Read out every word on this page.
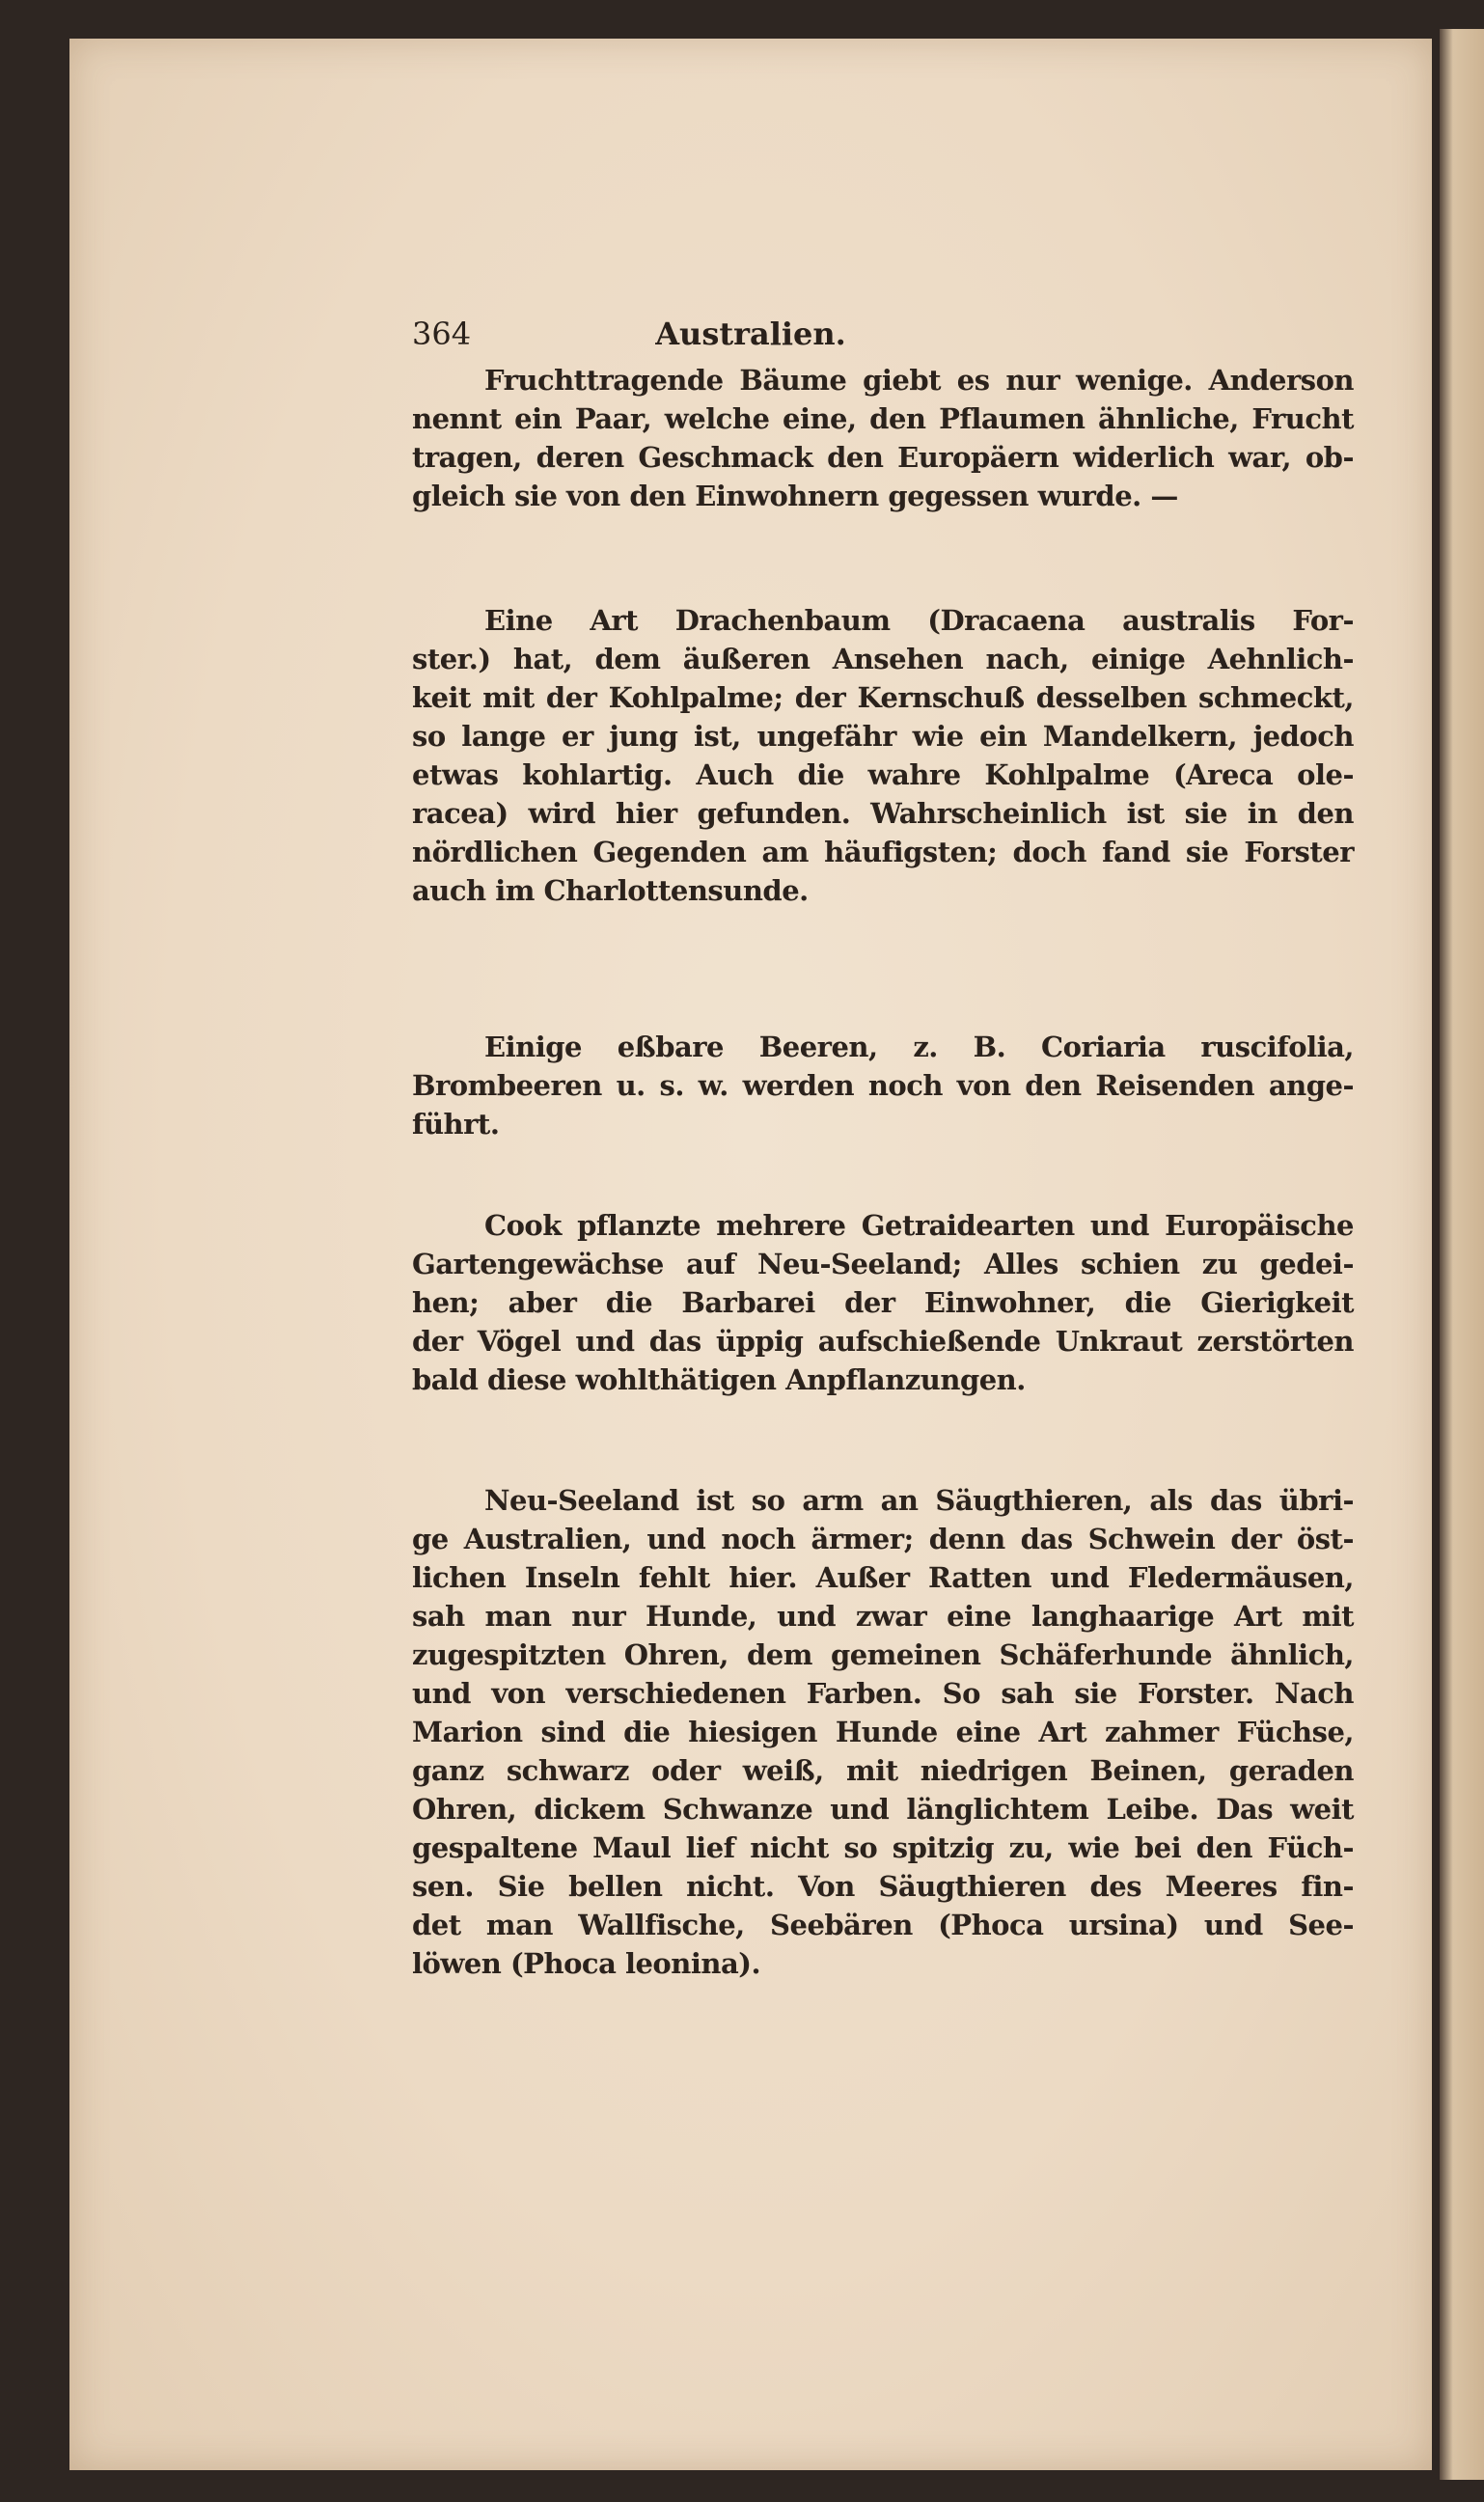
364	Australien.
Fruchttragende Bäume giebt es nur wenige. Anderson
nennt ein Paar, welche eine, den Pflaumen ähnliche, Frucht
tragen, deren Geschmack den Europäern widerlich war, ob-
gleich sie von den Einwohnern gegessen wurde. —
Eine Art Drachenbaum (Dracaena australis For-
ster.) hat, dem äußeren Ansehen nach, einige Aehnlich-
keit mit der Kohlpalme; der Kernschuß desselben schmeckt,
so lange er jung ist, ungefähr wie ein Mandelkern, jedoch
etwas kohlartig. Auch die wahre Kohlpalme (Areca ole-
racea) wird hier gefunden. Wahrscheinlich ist sie in den
nördlichen Gegenden am häufigsten; doch fand sie Forster
auch im Charlottensunde.
Einige eßbare Beeren, z. B. Coriaria ruscifolia,
Brombeeren u. s. w. werden noch von den Reisenden ange-
führt.
Cook pflanzte mehrere Getraidearten und Europäische
Gartengewächse auf Neu-Seeland; Alles schien zu gedei-
hen; aber die Barbarei der Einwohner, die Gierigkeit
der Vögel und das üppig aufschießende Unkraut zerstörten
bald diese wohlthätigen Anpflanzungen.
Neu-Seeland ist so arm an Säugthieren, als das übri-
ge Australien, und noch ärmer; denn das Schwein der öst-
lichen Inseln fehlt hier. Außer Ratten und Fledermäusen,
sah man nur Hunde, und zwar eine langhaarige Art mit
zugespitzten Ohren, dem gemeinen Schäferhunde ähnlich,
und von verschiedenen Farben. So sah sie Forster. Nach
Marion sind die hiesigen Hunde eine Art zahmer Füchse,
ganz schwarz oder weiß, mit niedrigen Beinen, geraden
Ohren, dickem Schwanze und länglichtem Leibe. Das weit
gespaltene Maul lief nicht so spitzig zu, wie bei den Füch-
sen. Sie bellen nicht. Von Säugthieren des Meeres fin-
det man Wallfische, Seebären (Phoca ursina) und See-
löwen (Phoca leonina).
